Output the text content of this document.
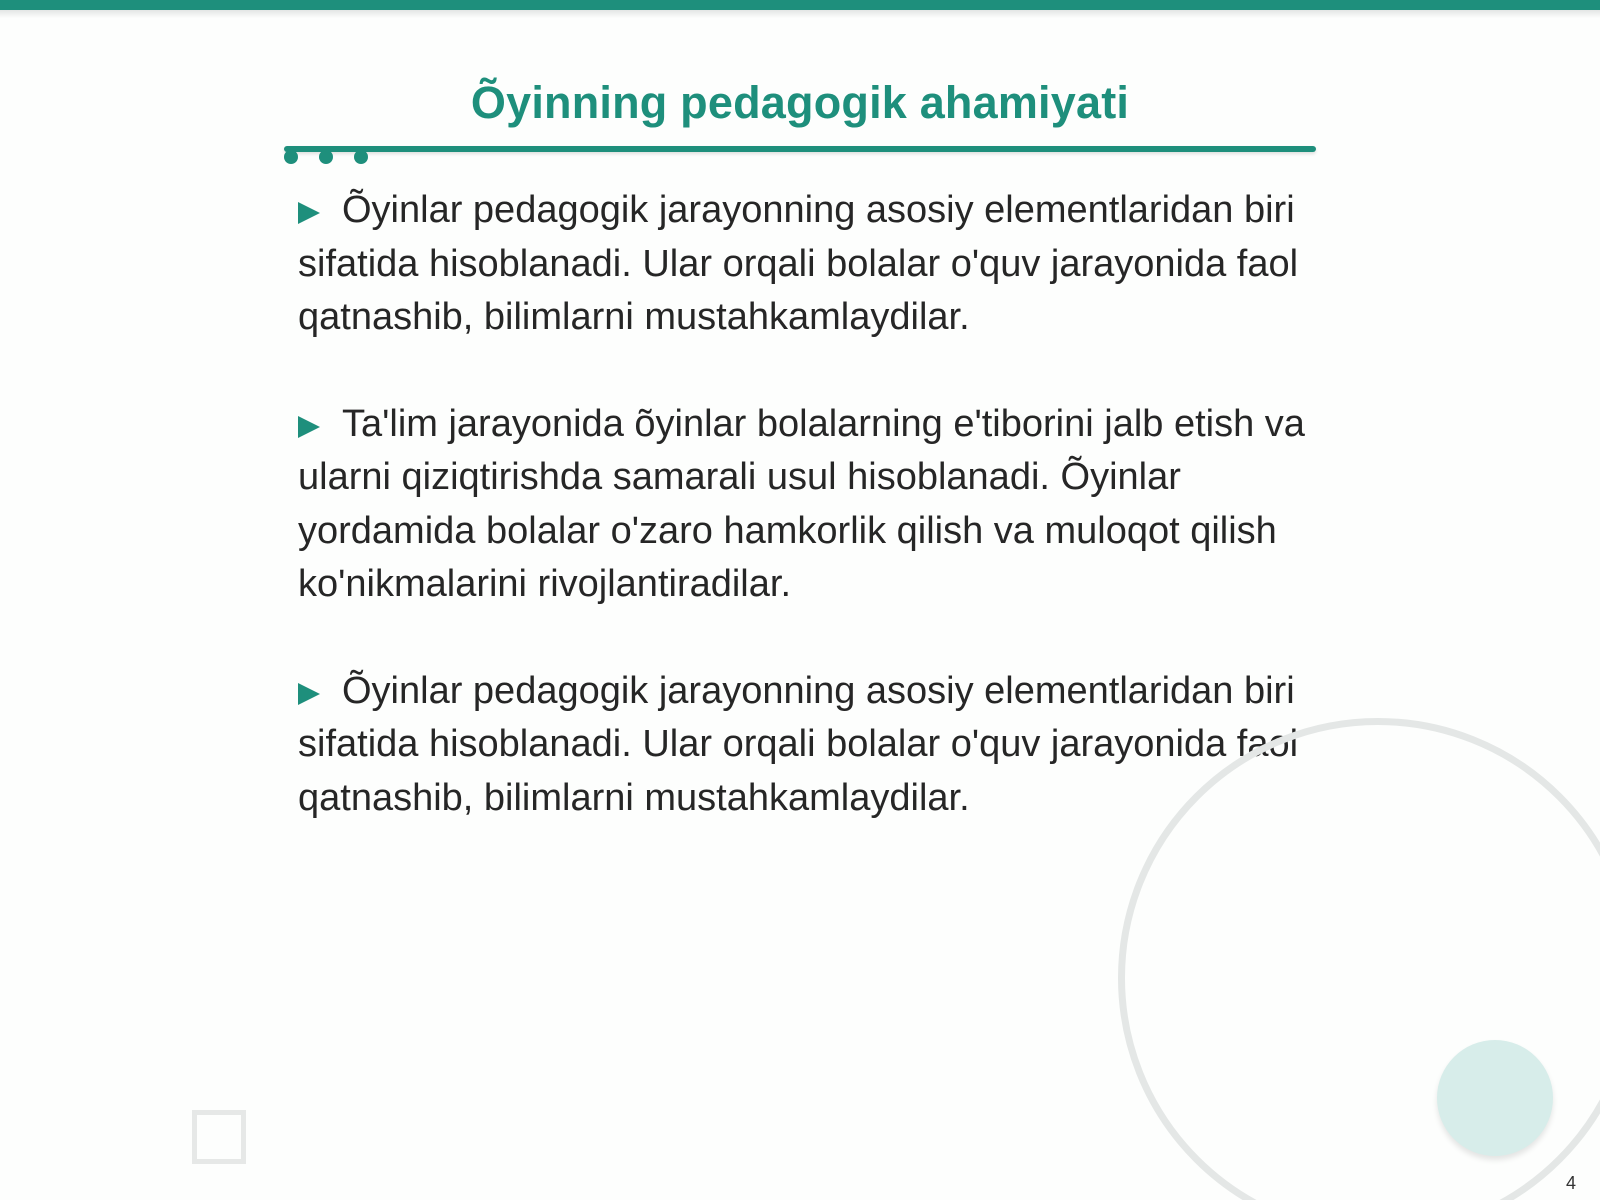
Õyinning pedagogik ahamiyati
Õyinlar pedagogik jarayonning asosiy elementlaridan biri sifatida hisoblanadi. Ular orqali bolalar o'quv jarayonida faol qatnashib, bilimlarni mustahkamlaydilar.
Ta'lim jarayonida õyinlar bolalarning e'tiborini jalb etish va ularni qiziqtirishda samarali usul hisoblanadi. Õyinlar yordamida bolalar o'zaro hamkorlik qilish va muloqot qilish ko'nikmalarini rivojlantiradilar.
Õyinlar pedagogik jarayonning asosiy elementlaridan biri sifatida hisoblanadi. Ular orqali bolalar o'quv jarayonida faol qatnashib, bilimlarni mustahkamlaydilar.
4
